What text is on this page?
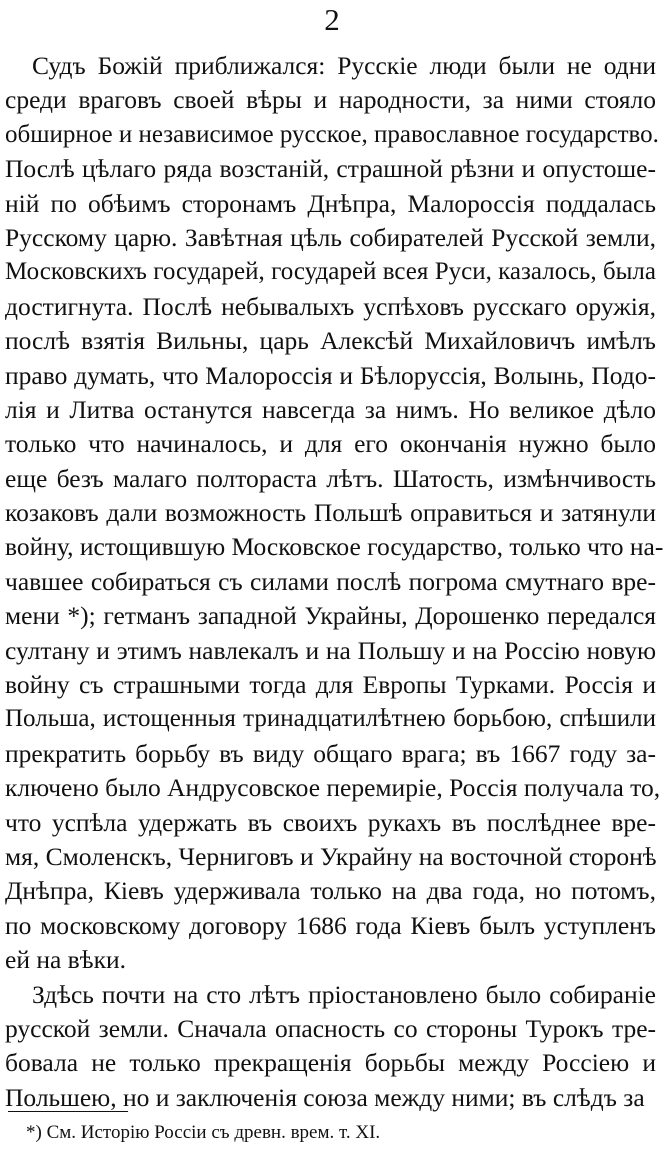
2
Судъ Божій приближался: Русскіе люди были не одни
среди враговъ своей вѣры и народности, за ними стояло
обширное и независимое русское, православное государство.
Послѣ цѣлаго ряда возстаній, страшной рѣзни и опустоше-
ній по обѣимъ сторонамъ Днѣпра, Малороссія поддалась
Русскому царю. Завѣтная цѣль собирателей Русской земли,
Московскихъ государей, государей всея Руси, казалось, была
достигнута. Послѣ небывалыхъ успѣховъ русскаго оружія,
послѣ взятія Вильны, царь Алексѣй Михайловичъ имѣлъ
право думать, что Малороссія и Бѣлоруссія, Волынь, Подо-
лія и Литва останутся навсегда за нимъ. Но великое дѣло
только что начиналось, и для его окончанія нужно было
еще безъ малаго полтораста лѣтъ. Шатость, измѣнчивость
козаковъ дали возможность Польшѣ оправиться и затянули
войну, истощившую Московское государство, только что на-
чавшее собираться съ силами послѣ погрома смутнаго вре-
мени *); гетманъ западной Украйны, Дорошенко передался
султану и этимъ навлекалъ и на Польшу и на Россію новую
войну съ страшными тогда для Европы Турками. Россія и
Польша, истощенныя тринадцатилѣтнею борьбою, спѣшили
прекратить борьбу въ виду общаго врага; въ 1667 году за-
ключено было Андрусовское перемиріе, Россія получала то,
что успѣла удержать въ своихъ рукахъ въ послѣднее вре-
мя, Смоленскъ, Черниговъ и Украйну на восточной сторонѣ
Днѣпра, Кіевъ удерживала только на два года, но потомъ,
по московскому договору 1686 года Кіевъ былъ уступленъ
ей на вѣки.
Здѣсь почти на сто лѣтъ пріостановлено было собираніе
русской земли. Сначала опасность со стороны Турокъ тре-
бовала не только прекращенія борьбы между Россіею и
Польшею, но и заключенія союза между ними; въ слѣдъ за
*) См. Исторію Россіи съ древн. врем. т. XI.
